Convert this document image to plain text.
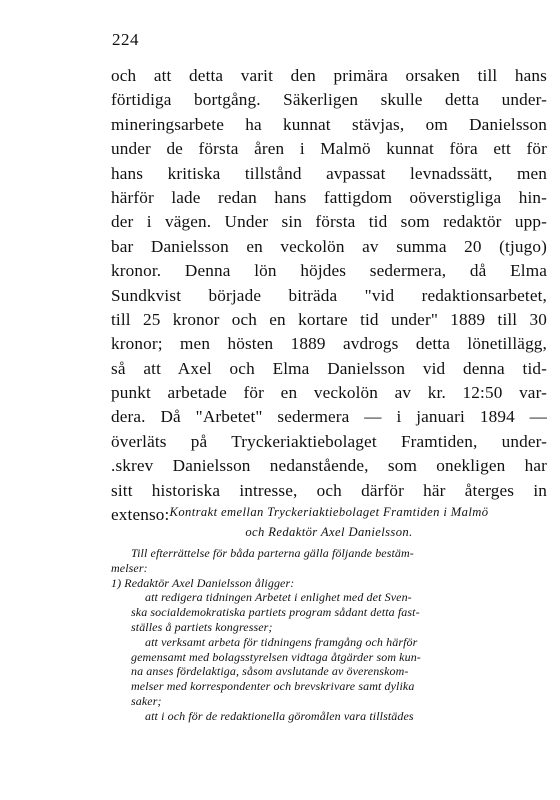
224
och att detta varit den primära orsaken till hans
förtidiga bortgång. Säkerligen skulle detta under-
mineringsarbete ha kunnat stävjas, om Danielsson
under de första åren i Malmö kunnat föra ett för
hans kritiska tillstånd avpassat levnadssätt, men
härför lade redan hans fattigdom oöverstigliga hin-
der i vägen. Under sin första tid som redaktör upp-
bar Danielsson en veckolön av summa 20 (tjugo)
kronor. Denna lön höjdes sedermera, då Elma
Sundkvist började biträda "vid redaktionsarbetet,
till 25 kronor och en kortare tid under" 1889 till 30
kronor; men hösten 1889 avdrogs detta lönetillägg,
så att Axel och Elma Danielsson vid denna tid-
punkt arbetade för en veckolön av kr. 12:50 var-
dera. Då "Arbetet" sedermera — i januari 1894 —
överläts på Tryckeriaktiebolaget Framtiden, under-
.skrev Danielsson nedanstående, som onekligen har
sitt historiska intresse, och därför här återges in
extenso: Kontrakt emellan Tryckeriaktiebolaget Framtiden i Malmö
och Redaktör Axel Danielsson.
Till efterrättelse för båda parterna gälla följande bestäm-
melser:
1) Redaktör Axel Danielsson åligger:
att redigera tidningen Arbetet i enlighet med det Sven-
ska socialdemokratiska partiets program sådant detta fast-
ställes å partiets kongresser;
att verksamt arbeta för tidningens framgång och härför
gemensamt med bolagsstyrelsen vidtaga åtgärder som kun-
na anses fördelaktiga, såsom avslutande av överenskom-
melser med korrespondenter och brevskrivare samt dylika
saker;
att i och för de redaktionella göromålen vara tillstädes
